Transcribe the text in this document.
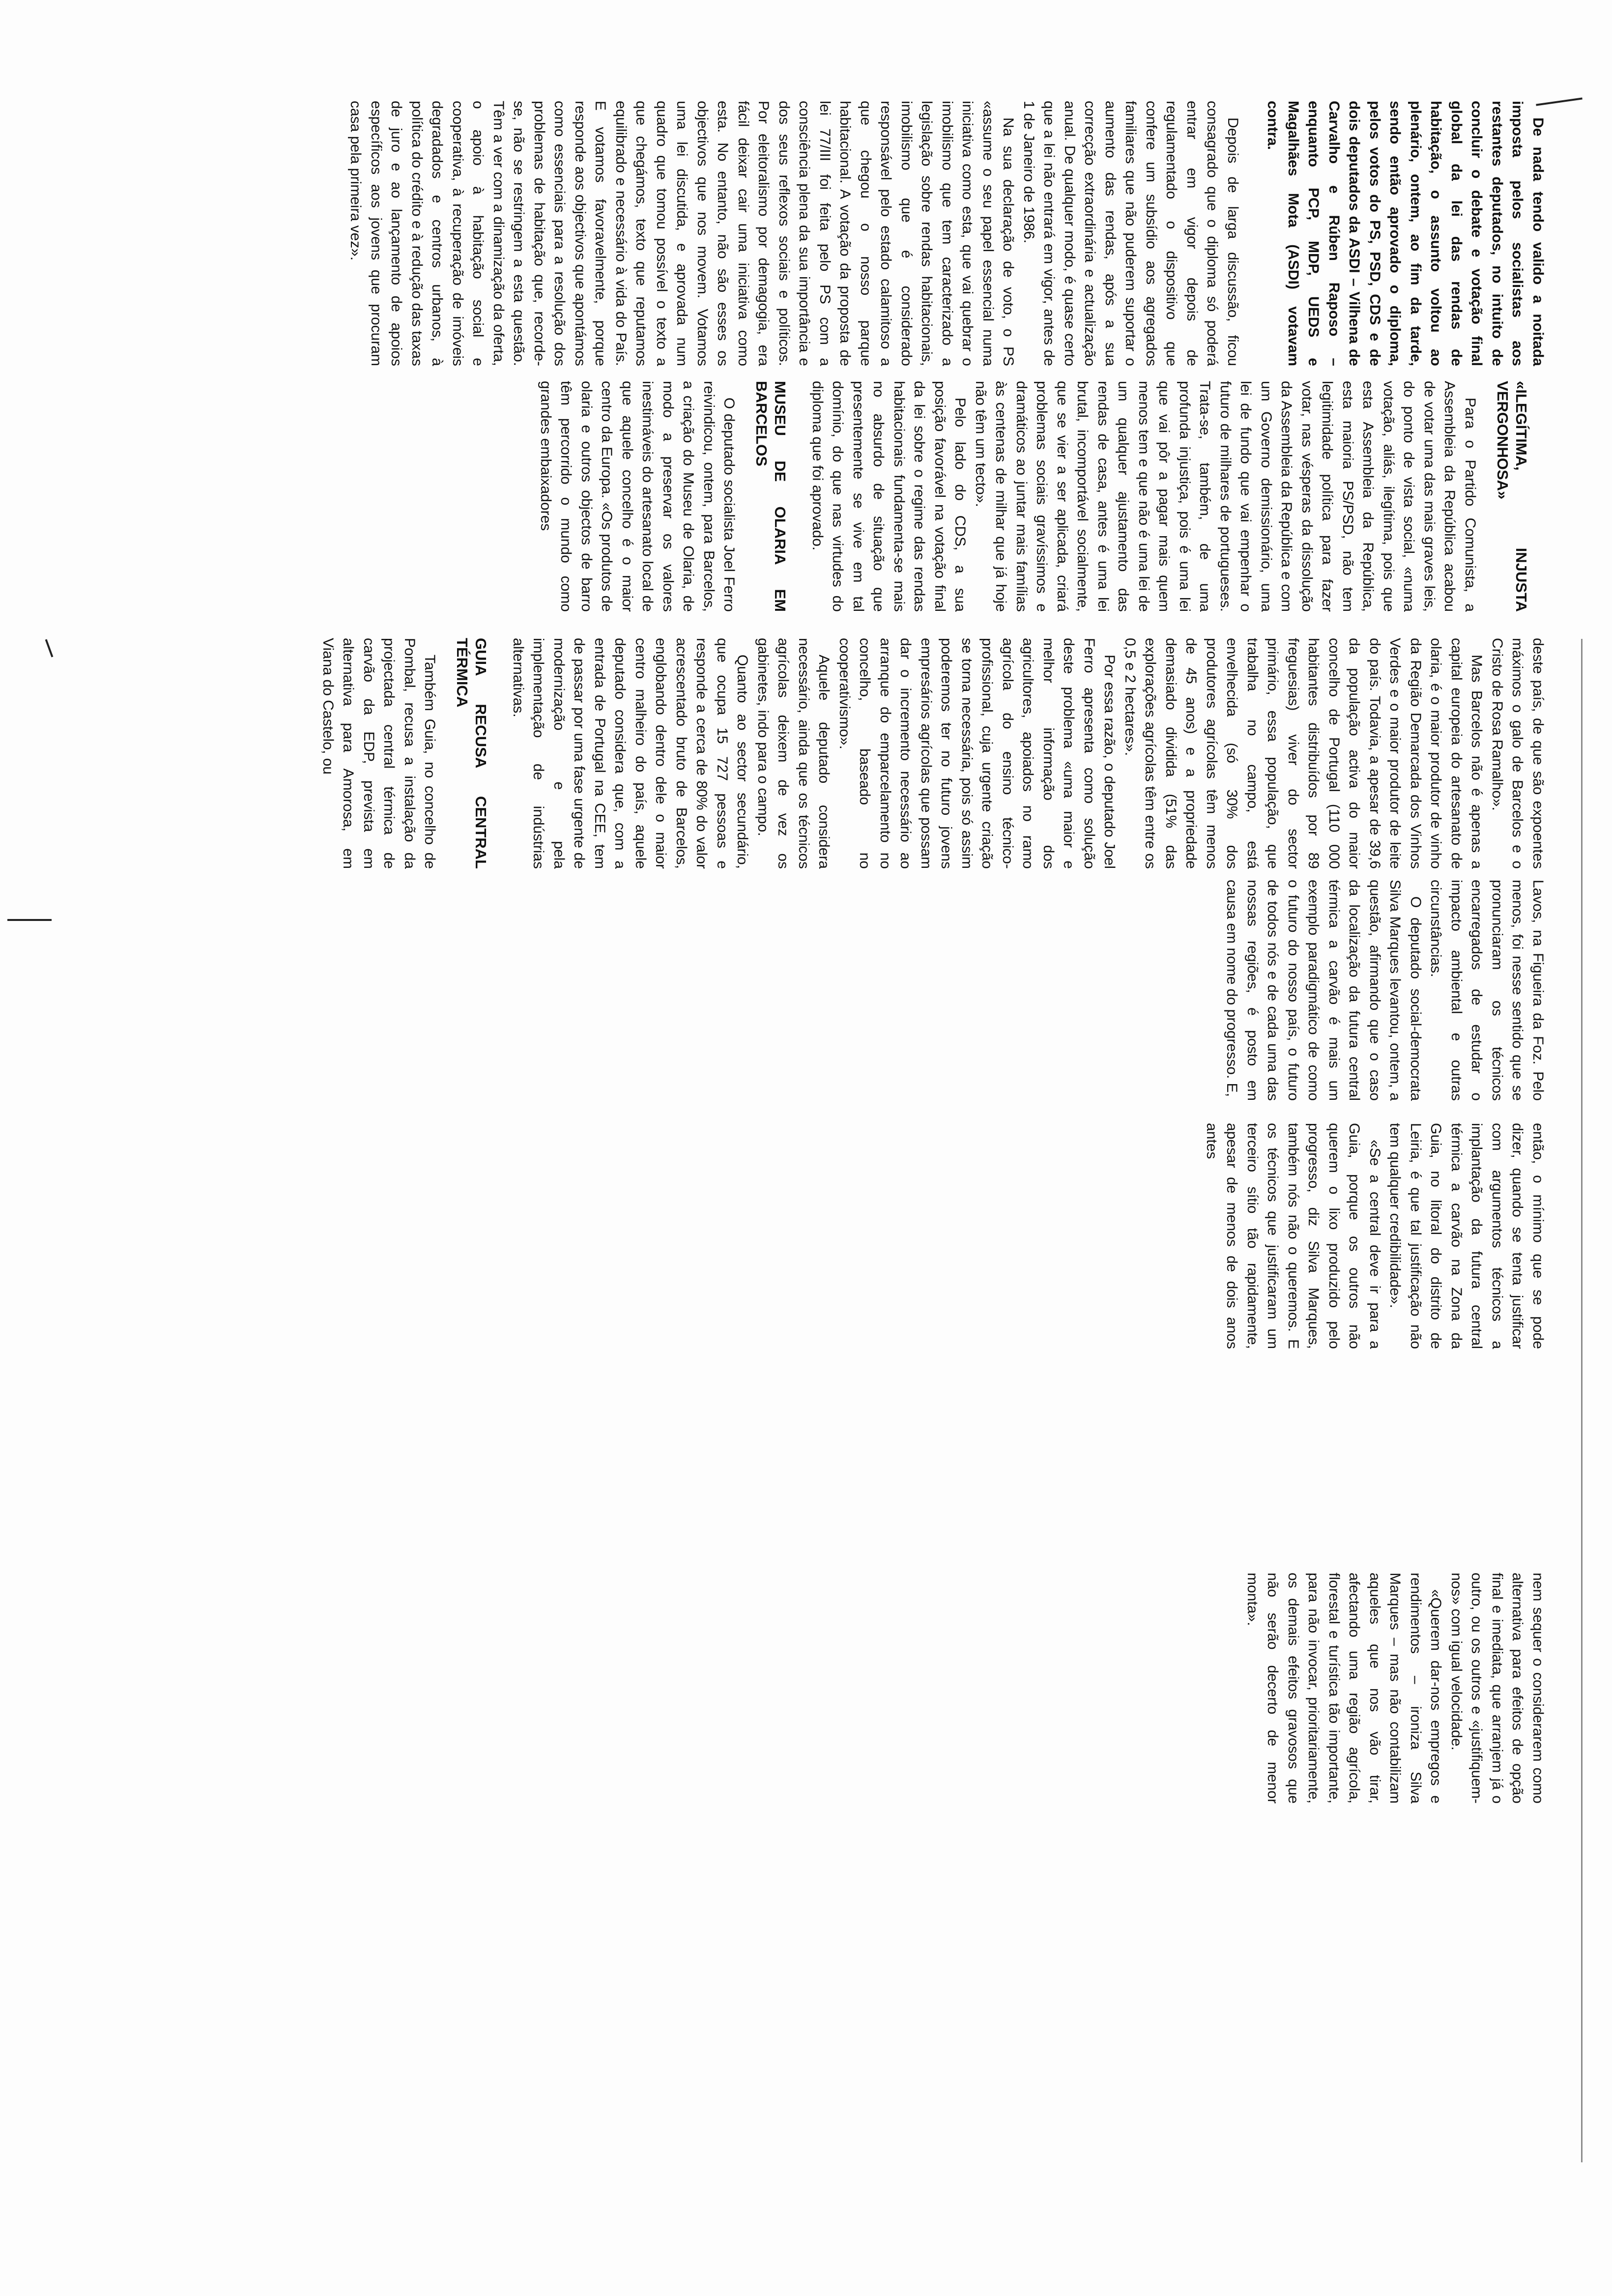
De nada tendo valido a noitada imposta pelos socialistas aos restantes deputados, no intuito de concluir o debate e votação final global da lei das rendas de habitação, o assunto voltou ao plenário, ontem, ao fim da tarde, sendo então aprovado o diploma, pelos votos do PS, PSD, CDS e de dois deputados da ASDI – Vilhena de Carvalho e Rúben Raposo – enquanto PCP, MDP, UEDS e Magalhães Mota (ASDI) votavam contra.

Depois de larga discussão, ficou consagrado que o diploma só poderá entrar em vigor depois de regulamentado o dispositivo que confere um subsídio aos agregados familiares que não puderem suportar o aumento das rendas, após a sua correcção extraordinária e actualização anual. De qualquer modo, é quase certo que a lei não entrará em vigor, antes de 1 de Janeiro de 1986.

Na sua declaração de voto, o PS «assume o seu papel essencial numa iniciativa como esta, que vai quebrar o imobilismo que tem caracterizado a legislação sobre rendas habitacionais, imobilismo que é considerado responsável pelo estado calamitoso a que chegou o nosso parque habitacional. A votação da proposta de lei 77/III foi feita pelo PS com a consciência plena da sua importância e dos seus reflexos sociais e políticos. Por eleitoralismo por demagogia, era fácil deixar cair uma iniciativa como esta. No entanto, não são esses os objectivos que nos movem. Votamos uma lei discutida, e aprovada num quadro que tomou possível o texto a que chegámos, texto que reputamos equilibrado e necessário à vida do País. E votamos favoravelmente, porque responde aos objectivos que apontámos como essenciais para a resolução dos problemas de habitação que, recorde-se, não se restringem a esta questão. Têm a ver com a dinamização da oferta, o apoio à habitação social e cooperativa, à recuperação de imóveis degradados e centros urbanos, à política do crédito e à redução das taxas de juro e ao lançamento de apoios específicos aos jovens que procuram casa pela primeira vez».

«ILEGÍTIMA, INJUSTA VERGONHOSA»

Para o Partido Comunista, a Assembleia da República acabou de votar uma das mais graves leis, do ponto de vista social, «numa votação, aliás, ilegítima, pois que esta Assembleia da República, esta maioria PS/PSD, não tem legitimidade política para fazer votar, nas vésperas da dissolução da Assembleia da República e com um Governo demissionário, uma lei de fundo que vai empenhar o futuro de milhares de portugueses. Trata-se, também, de uma profunda injustiça, pois é uma lei que vai pôr a pagar mais quem menos tem e que não é uma lei de um qualquer ajustamento das rendas de casa, antes é uma lei brutal, incomportável socialmente, que se vier a ser aplicada, criará problemas sociais gravíssimos e dramáticos ao juntar mais famílias às centenas de milhar que já hoje não têm um tecto».

Pelo lado do CDS, a sua posição favorável na votação final da lei sobre o regime das rendas habitacionais fundamenta-se mais no absurdo de situação que presentemente se vive em tal domínio, do que nas virtudes do diploma que foi aprovado.

MUSEU DE OLARIA EM BARCELOS

O deputado socialista Joel Ferro reivindicou, ontem, para Barcelos, a criação do Museu de Olaria, de modo a preservar os valores inestimáveis do artesanato local de que aquele concelho é o maior centro da Europa. «Os produtos de olaria e outros objectos de barro têm percorrido o mundo como grandes embaixadores

deste país, de que são expoentes máximos o galo de Barcelos e o Cristo de Rosa Ramalho».

Mas Barcelos não é apenas a capital europeia do artesanato de olaria, é o maior produtor de vinho da Região Demarcada dos Vinhos Verdes e o maior produtor de leite do país. Todavia, a apesar de 39,6 da população activa do maior concelho de Portugal (110 000 habitantes distribuídos por 89 freguesias) viver do sector primário, essa população, que trabalha no campo, está envelhecida (só 30% dos produtores agrícolas têm menos de 45 anos) e a propriedade demasiado dividida (51% das explorações agrícolas têm entre os 0,5 e 2 hectares».

Por essa razão, o deputado Joel Ferro apresenta como solução deste problema «uma maior e melhor informação dos agricultores, apoiados no ramo agrícola do ensino técnico-profissional, cuja urgente criação se torna necessária, pois só assim poderemos ter no futuro jovens empresários agrícolas que possam dar o incremento necessário ao arranque do emparcelamento no concelho, baseado no cooperativismo».

Aquele deputado considera necessário, ainda que os técnicos agrícolas deixem de vez os gabinetes, indo para o campo.

Quanto ao sector secundário, que ocupa 15 727 pessoas e responde a cerca de 80% do valor acrescentado bruto de Barcelos, englobando dentro dele o maior centro malheiro do país, aquele deputado considera que, com a entrada de Portugal na CEE, tem de passar por uma fase urgente de modernização e pela implementação de indústrias alternativas.

GUIA RECUSA CENTRAL TÉRMICA

Também Guia, no concelho de Pombal, recusa a instalação da projectada central térmica de carvão da EDP, prevista em alternativa para Amorosa, em Viana do Castelo, ou

Lavos, na Figueira da Foz. Pelo menos, foi nesse sentido que se pronunciaram os técnicos encarregados de estudar o impacto ambiental e outras circunstâncias.

O deputado social-democrata Silva Marques levantou, ontem, a questão, afirmando que o caso da localização da futura central térmica a carvão é mais um exemplo paradigmático de como o futuro do nosso país, o futuro de todos nós e de cada uma das nossas regiões, é posto em causa em nome do progresso. E,

então, o mínimo que se pode dizer, quando se tenta justificar com argumentos técnicos a implantação da futura central térmica a carvão na Zona da Guia, no litoral do distrito de Leiria, é que tal justificação não tem qualquer credibilidade».

«Se a central deve ir para a Guia, porque os outros não querem o lixo produzido pelo progresso, diz Silva Marques, também nós não o queremos. E os técnicos que justificaram um terceiro sítio tão rapidamente, apesar de menos de dois anos antes

nem sequer o considerarem como alternativa para efeitos de opção final e imediata, que arranjem já o outro, ou os outros e «justifiquem-nos» com igual velocidade.

«Querem dar-nos empregos e rendimentos – ironiza Silva Marques – mas não contabilizam aqueles que nos vão tirar, afectando uma região agrícola, florestal e turística tão importante, para não invocar, prioritariamente, os demais efeitos gravosos que não serão decerto de menor monta».
